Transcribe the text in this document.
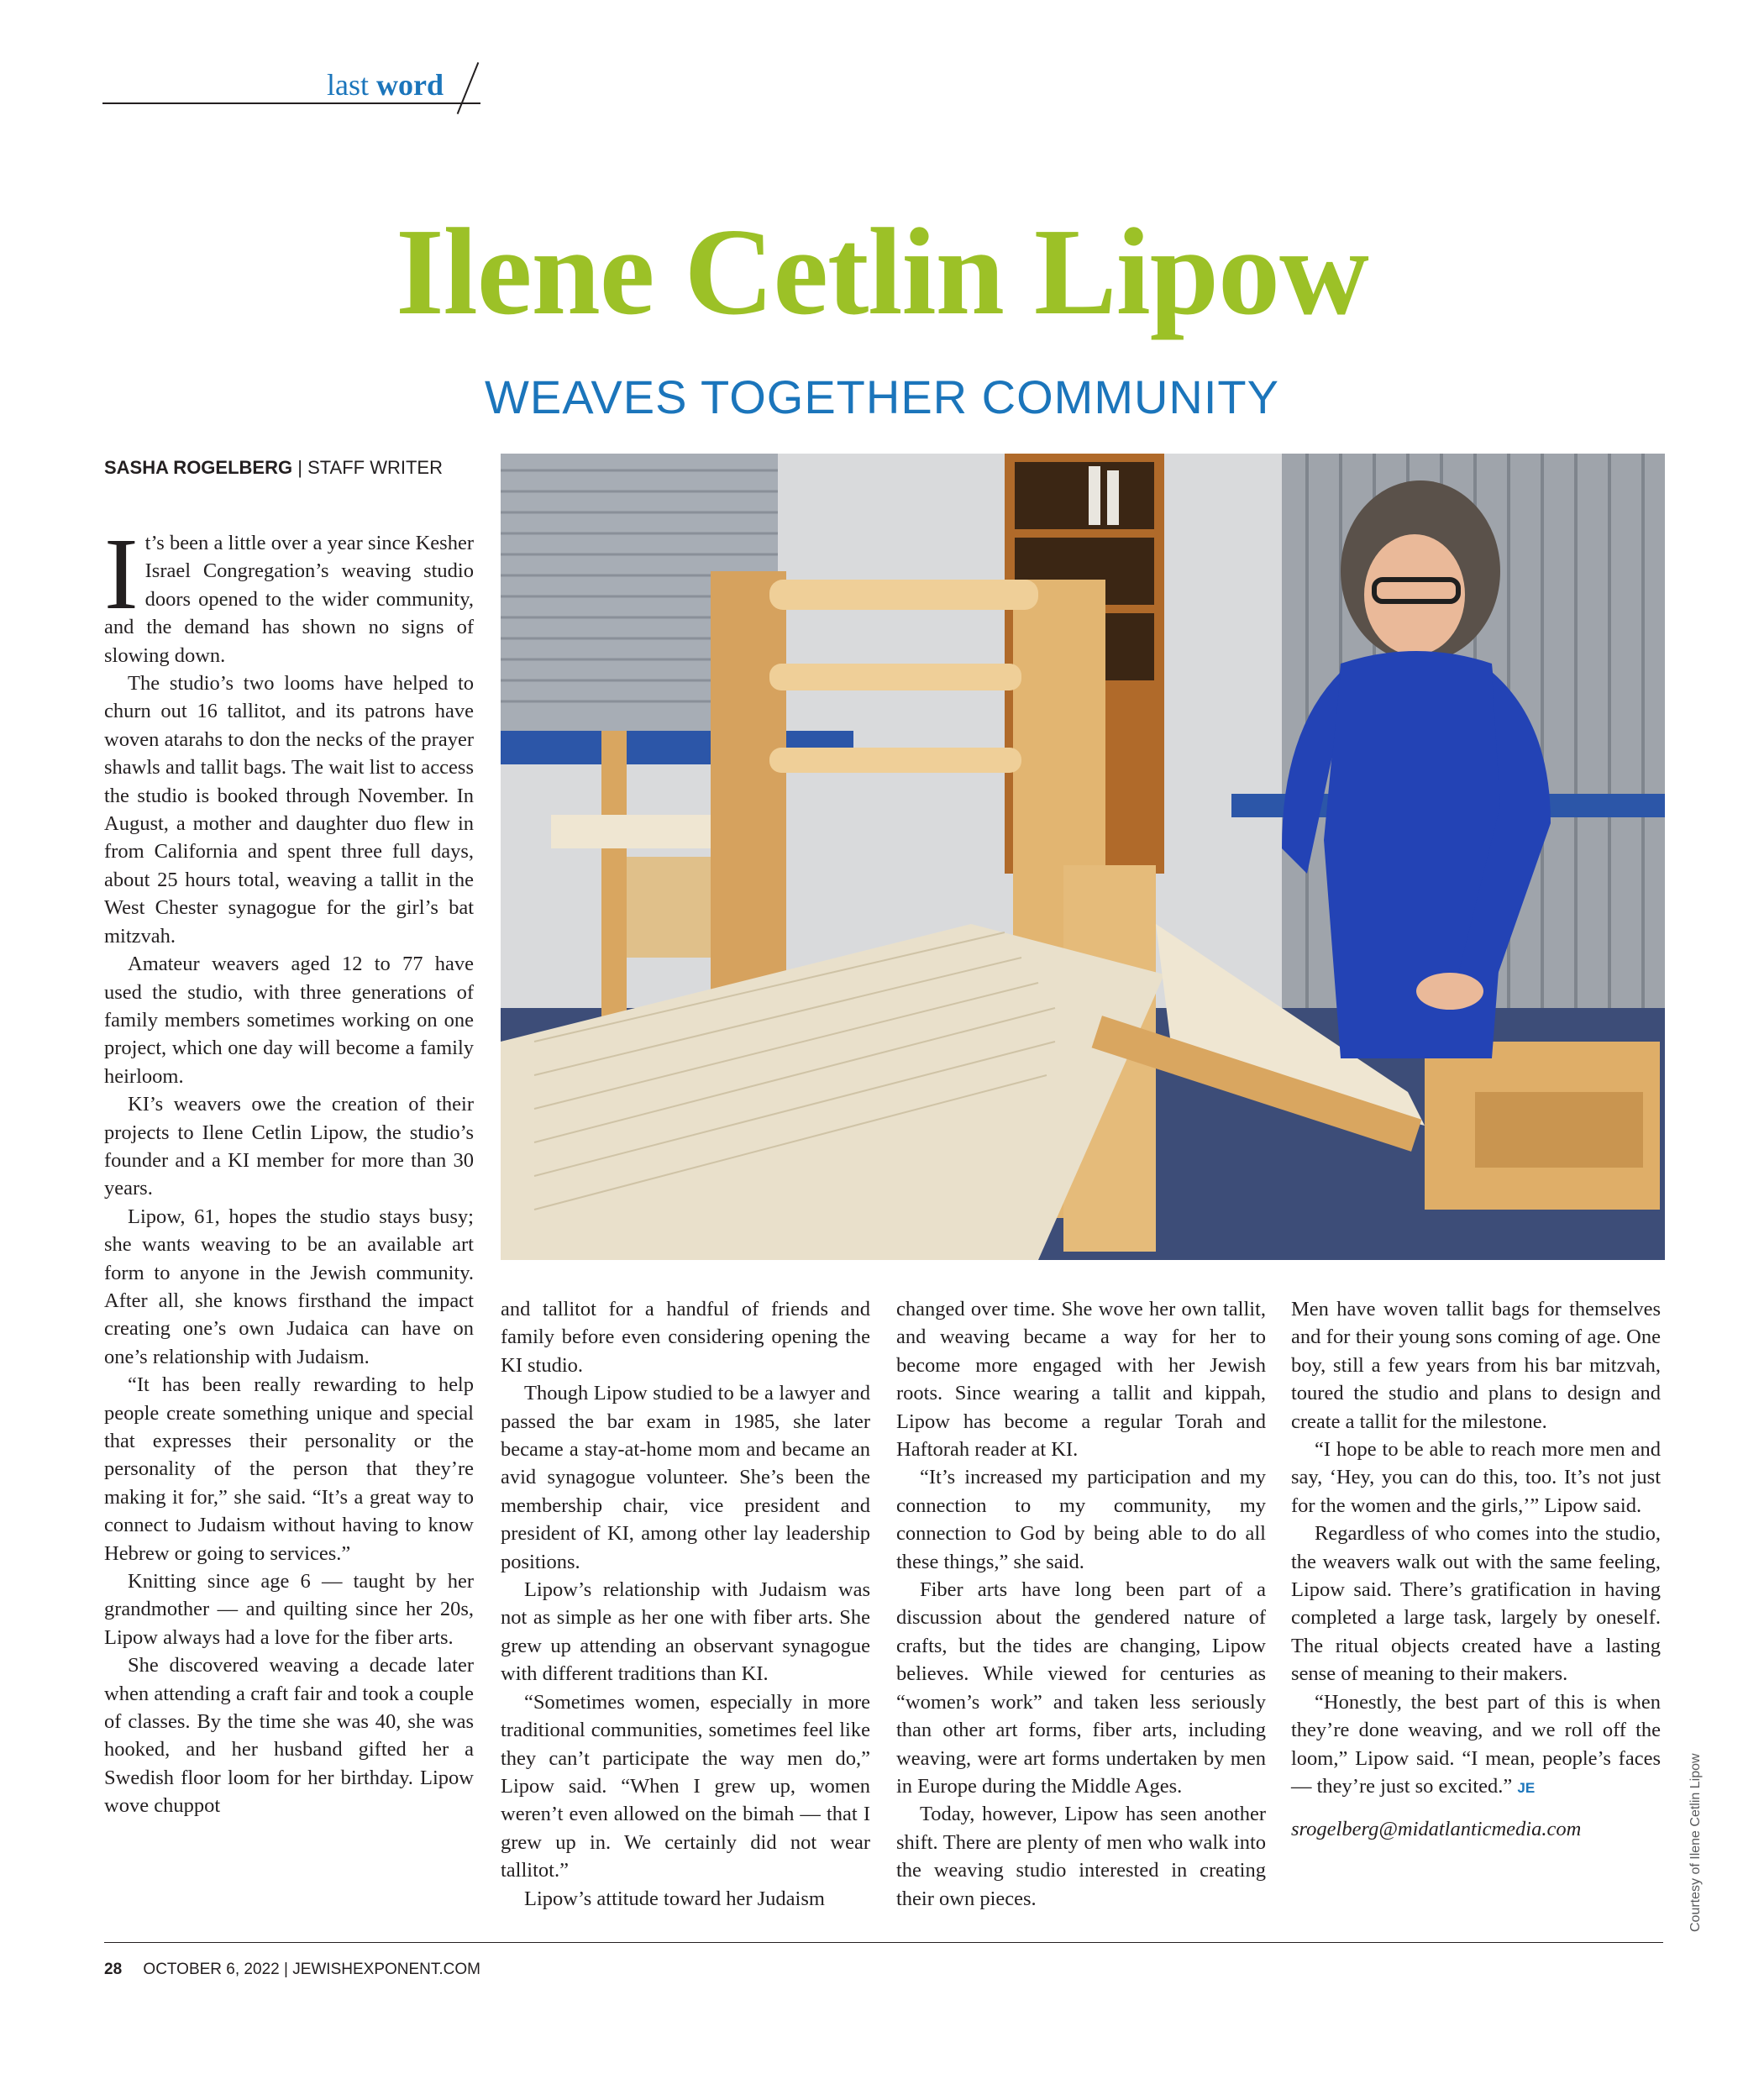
last word
Ilene Cetlin Lipow
WEAVES TOGETHER COMMUNITY
SASHA ROGELBERG | STAFF WRITER

It’s been a little over a year since Kesher Israel Congregation’s weaving studio doors opened to the wider community, and the demand has shown no signs of slowing down.

The studio’s two looms have helped to churn out 16 tallitot, and its patrons have woven atarahs to don the necks of the prayer shawls and tallit bags. The wait list to access the studio is booked through November. In August, a mother and daughter duo flew in from California and spent three full days, about 25 hours total, weaving a tallit in the West Chester synagogue for the girl’s bat mitzvah.

Amateur weavers aged 12 to 77 have used the studio, with three generations of family members sometimes working on one project, which one day will become a family heirloom.

KI’s weavers owe the creation of their projects to Ilene Cetlin Lipow, the studio’s founder and a KI member for more than 30 years.

Lipow, 61, hopes the studio stays busy; she wants weaving to be an available art form to anyone in the Jewish community. After all, she knows firsthand the impact creating one’s own Judaica can have on one’s relationship with Judaism.

“It has been really rewarding to help people create something unique and special that expresses their personality or the personality of the person that they’re making it for,” she said. “It’s a great way to connect to Judaism without having to know Hebrew or going to services.”

Knitting since age 6 — taught by her grandmother — and quilting since her 20s, Lipow always had a love for the fiber arts.

She discovered weaving a decade later when attending a craft fair and took a couple of classes. By the time she was 40, she was hooked, and her husband gifted her a Swedish floor loom for her birthday. Lipow wove chuppot

and tallitot for a handful of friends and family before even considering opening the KI studio.

Though Lipow studied to be a lawyer and passed the bar exam in 1985, she later became a stay-at-home mom and became an avid synagogue volunteer. She’s been the membership chair, vice president and president of KI, among other lay leadership positions.

Lipow’s relationship with Judaism was not as simple as her one with fiber arts. She grew up attending an observant synagogue with different traditions than KI.

“Sometimes women, especially in more traditional communities, sometimes feel like they can’t participate the way men do,” Lipow said. “When I grew up, women weren’t even allowed on the bimah — that I grew up in. We certainly did not wear tallitot.”

Lipow’s attitude toward her Judaism

changed over time. She wove her own tallit, and weaving became a way for her to become more engaged with her Jewish roots. Since wearing a tallit and kippah, Lipow has become a regular Torah and Haftorah reader at KI.

“It’s increased my participation and my connection to my community, my connection to God by being able to do all these things,” she said.

Fiber arts have long been part of a discussion about the gendered nature of crafts, but the tides are changing, Lipow believes. While viewed for centuries as “women’s work” and taken less seriously than other art forms, fiber arts, including weaving, were art forms undertaken by men in Europe during the Middle Ages.

Today, however, Lipow has seen another shift. There are plenty of men who walk into the weaving studio interested in creating their own pieces.

Men have woven tallit bags for themselves and for their young sons coming of age. One boy, still a few years from his bar mitzvah, toured the studio and plans to design and create a tallit for the milestone.

“I hope to be able to reach more men and say, ‘Hey, you can do this, too. It’s not just for the women and the girls,’” Lipow said.

Regardless of who comes into the studio, the weavers walk out with the same feeling, Lipow said. There’s gratification in having completed a large task, largely by oneself. The ritual objects created have a lasting sense of meaning to their makers.

“Honestly, the best part of this is when they’re done weaving, and we roll off the loom,” Lipow said. “I mean, people’s faces — they’re just so excited.” JE

srogelberg@midatlanticmedia.com	Courtesy of Ilene Cetlin Lipow
28 OCTOBER 6, 2022 | JEWISHEXPONENT.COM
